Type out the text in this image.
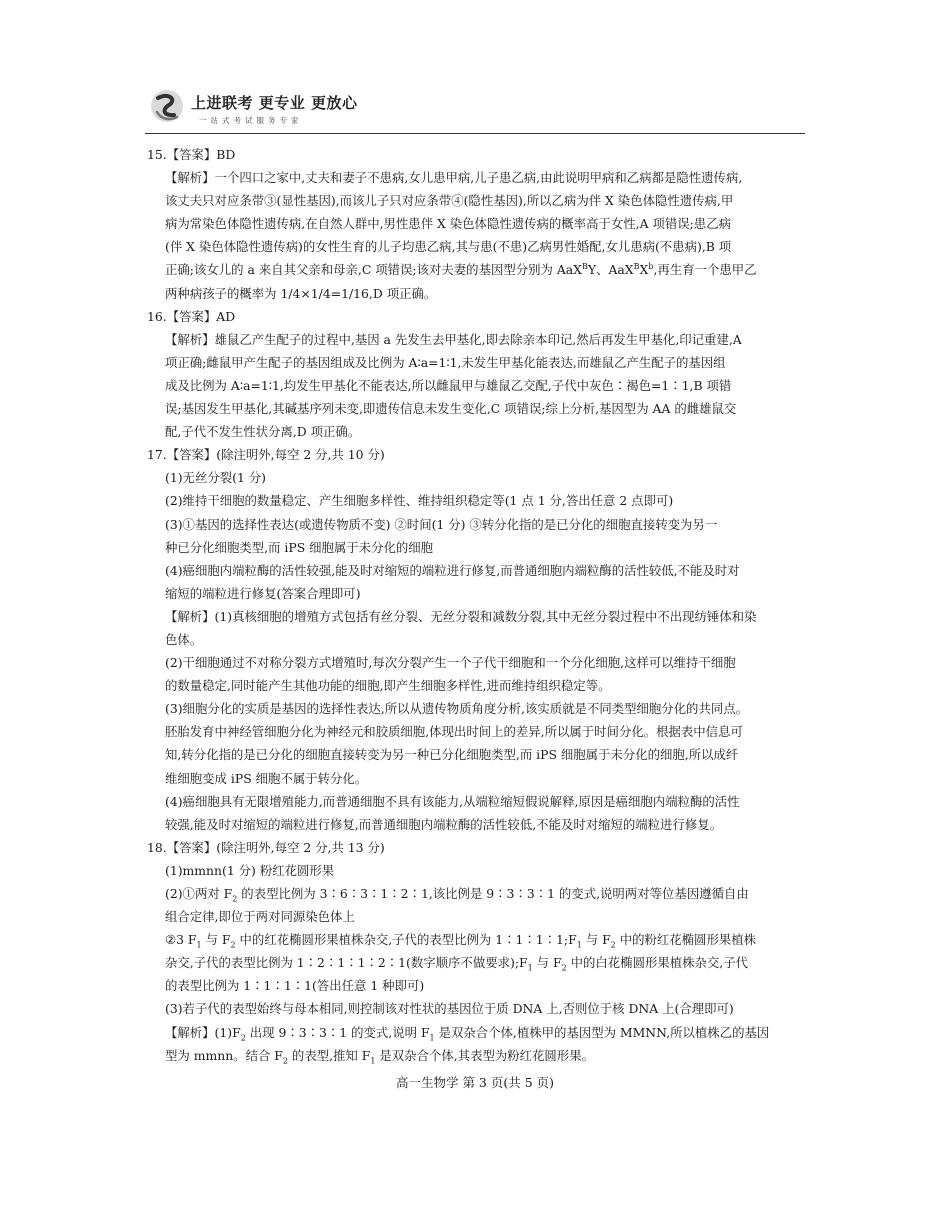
上进联考 更专业 更放心
一站式考试服务专家
15.【答案】BD
【解析】一个四口之家中,丈夫和妻子不患病,女儿患甲病,儿子患乙病,由此说明甲病和乙病都是隐性遗传病,
该丈夫只对应条带③(显性基因),而该儿子只对应条带④(隐性基因),所以乙病为伴 X 染色体隐性遗传病,甲
病为常染色体隐性遗传病,在自然人群中,男性患伴 X 染色体隐性遗传病的概率高于女性,A 项错误;患乙病
(伴 X 染色体隐性遗传病)的女性生育的儿子均患乙病,其与患(不患)乙病男性婚配,女儿患病(不患病),B 项
正确;该女儿的 a 来自其父亲和母亲,C 项错误;该对夫妻的基因型分别为 AaX$^B$Y、$AaX^BX^b$,再生育一个患甲乙
两种病孩子的概率为 1/4×1/4=1/16,D 项正确。
16.【答案】AD
【解析】雄鼠乙产生配子的过程中,基因 a 先发生去甲基化,即去除亲本印记,然后再发生甲基化,印记重建,A
项正确;雌鼠甲产生配子的基因组成及比例为 A∶a=1∶1,未发生甲基化能表达,而雄鼠乙产生配子的基因组
成及比例为 A∶a=1∶1,均发生甲基化不能表达,所以雌鼠甲与雄鼠乙交配,子代中灰色∶褐色=1∶1,B 项错
误;基因发生甲基化,其碱基序列未变,即遗传信息未发生变化,C 项错误;综上分析,基因型为 AA 的雌雄鼠交
配,子代不发生性状分离,D 项正确。
17.【答案】(除注明外,每空 2 分,共 10 分)
(1)无丝分裂(1 分)
(2)维持干细胞的数量稳定、产生细胞多样性、维持组织稳定等(1 点 1 分,答出任意 2 点即可)
(3)①基因的选择性表达(或遗传物质不变) ②时间(1 分) ③转分化指的是已分化的细胞直接转变为另一
种已分化细胞类型,而 iPS 细胞属于未分化的细胞
(4)癌细胞内端粒酶的活性较强,能及时对缩短的端粒进行修复,而普通细胞内端粒酶的活性较低,不能及时对
缩短的端粒进行修复(答案合理即可)
【解析】(1)真核细胞的增殖方式包括有丝分裂、无丝分裂和减数分裂,其中无丝分裂过程中不出现纺锤体和染
色体。
(2)干细胞通过不对称分裂方式增殖时,每次分裂产生一个子代干细胞和一个分化细胞,这样可以维持干细胞
的数量稳定,同时能产生其他功能的细胞,即产生细胞多样性,进而维持组织稳定等。
(3)细胞分化的实质是基因的选择性表达,所以从遗传物质角度分析,该实质就是不同类型细胞分化的共同点。
胚胎发育中神经管细胞分化为神经元和胶质细胞,体现出时间上的差异,所以属于时间分化。根据表中信息可
知,转分化指的是已分化的细胞直接转变为另一种已分化细胞类型,而 iPS 细胞属于未分化的细胞,所以成纤
维细胞变成 iPS 细胞不属于转分化。
(4)癌细胞具有无限增殖能力,而普通细胞不具有该能力,从端粒缩短假说解释,原因是癌细胞内端粒酶的活性
较强,能及时对缩短的端粒进行修复,而普通细胞内端粒酶的活性较低,不能及时对缩短的端粒进行修复。
18.【答案】(除注明外,每空 2 分,共 13 分)
(1)mmnn(1 分) 粉红花圆形果
(2)①两对 $F_2$ 的表型比例为 3∶6∶3∶1∶2∶1,该比例是 9∶3∶3∶1 的变式,说明两对等位基因遵循自由
组合定律,即位于两对同源染色体上
②3 $F_1$ 与 $F_2$ 中的红花椭圆形果植株杂交,子代的表型比例为 $1∶1∶1∶1;F_1$ 与 $F_2$ 中的粉红花椭圆形果植株
杂交,子代的表型比例为 1∶2∶1∶1∶2∶1(数字顺序不做要求)$;F_1$ 与 $F_2$ 中的白花椭圆形果植株杂交,子代
的表型比例为 1∶1∶1∶1(答出任意 1 种即可)
(3)若子代的表型始终与母本相同,则控制该对性状的基因位于质 DNA 上,否则位于核 DNA 上(合理即可)
【解析】$(1)F_2$ 出现 9∶3∶3∶1 的变式,说明 $F_1$ 是双杂合个体,植株甲的基因型为 MMNN,所以植株乙的基因
型为 mmnn。结合 $F_2$ 的表型,推知 $F_1$ 是双杂合个体,其表型为粉红花圆形果。
高一生物学 第 3 页(共 5 页)
